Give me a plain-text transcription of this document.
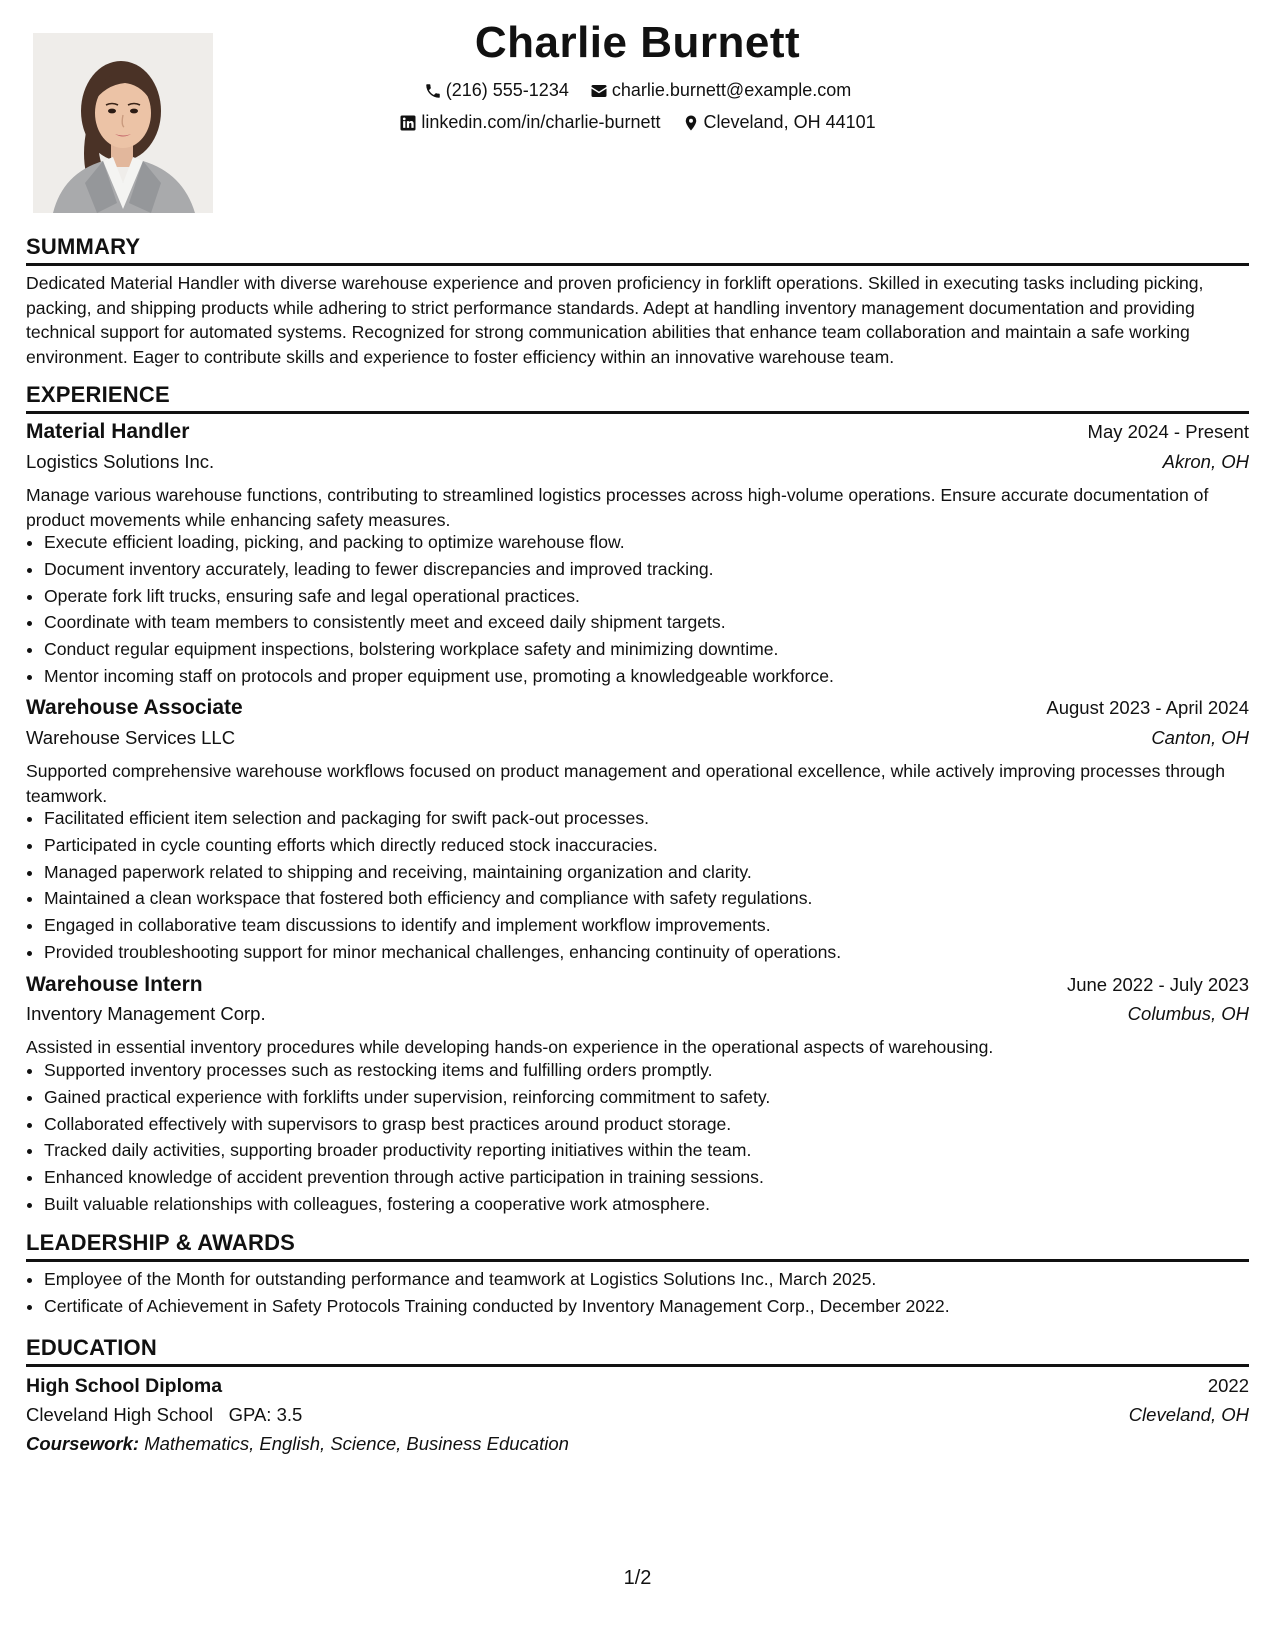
Charlie Burnett
(216) 555-1234
charlie.burnett@example.com
linkedin.com/in/charlie-burnett
Cleveland, OH 44101
SUMMARY
Dedicated Material Handler with diverse warehouse experience and proven proficiency in forklift operations. Skilled in executing tasks including picking, packing, and shipping products while adhering to strict performance standards. Adept at handling inventory management documentation and providing technical support for automated systems. Recognized for strong communication abilities that enhance team collaboration and maintain a safe working environment. Eager to contribute skills and experience to foster efficiency within an innovative warehouse team.
EXPERIENCE
Material Handler	May 2024 - Present
Logistics Solutions Inc.	Akron, OH
Manage various warehouse functions, contributing to streamlined logistics processes across high-volume operations. Ensure accurate documentation of product movements while enhancing safety measures.
• Execute efficient loading, picking, and packing to optimize warehouse flow.
• Document inventory accurately, leading to fewer discrepancies and improved tracking.
• Operate fork lift trucks, ensuring safe and legal operational practices.
• Coordinate with team members to consistently meet and exceed daily shipment targets.
• Conduct regular equipment inspections, bolstering workplace safety and minimizing downtime.
• Mentor incoming staff on protocols and proper equipment use, promoting a knowledgeable workforce.
Warehouse Associate	August 2023 - April 2024
Warehouse Services LLC	Canton, OH
Supported comprehensive warehouse workflows focused on product management and operational excellence, while actively improving processes through teamwork.
• Facilitated efficient item selection and packaging for swift pack-out processes.
• Participated in cycle counting efforts which directly reduced stock inaccuracies.
• Managed paperwork related to shipping and receiving, maintaining organization and clarity.
• Maintained a clean workspace that fostered both efficiency and compliance with safety regulations.
• Engaged in collaborative team discussions to identify and implement workflow improvements.
• Provided troubleshooting support for minor mechanical challenges, enhancing continuity of operations.
Warehouse Intern	June 2022 - July 2023
Inventory Management Corp.	Columbus, OH
Assisted in essential inventory procedures while developing hands-on experience in the operational aspects of warehousing.
• Supported inventory processes such as restocking items and fulfilling orders promptly.
• Gained practical experience with forklifts under supervision, reinforcing commitment to safety.
• Collaborated effectively with supervisors to grasp best practices around product storage.
• Tracked daily activities, supporting broader productivity reporting initiatives within the team.
• Enhanced knowledge of accident prevention through active participation in training sessions.
• Built valuable relationships with colleagues, fostering a cooperative work atmosphere.
LEADERSHIP & AWARDS
• Employee of the Month for outstanding performance and teamwork at Logistics Solutions Inc., March 2025.
• Certificate of Achievement in Safety Protocols Training conducted by Inventory Management Corp., December 2022.
EDUCATION
High School Diploma	2022
Cleveland High School GPA: 3.5	Cleveland, OH
Coursework: Mathematics, English, Science, Business Education
1/2
